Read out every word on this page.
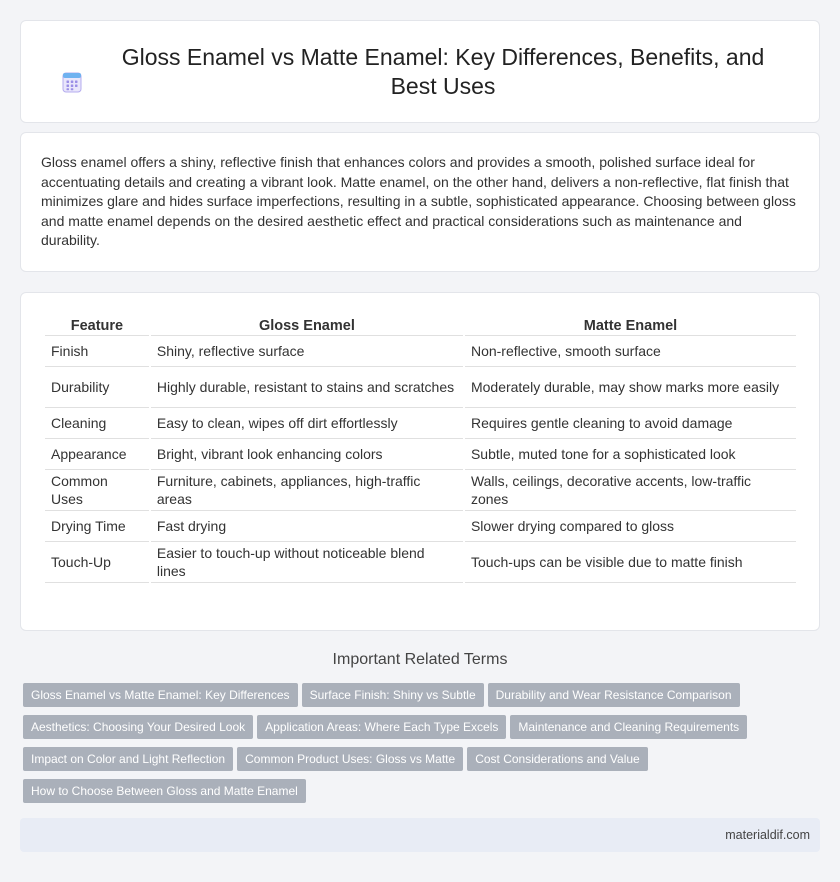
Gloss Enamel vs Matte Enamel: Key Differences, Benefits, and Best Uses

Gloss enamel offers a shiny, reflective finish that enhances colors and provides a smooth, polished surface ideal for accentuating details and creating a vibrant look. Matte enamel, on the other hand, delivers a non-reflective, flat finish that minimizes glare and hides surface imperfections, resulting in a subtle, sophisticated appearance. Choosing between gloss and matte enamel depends on the desired aesthetic effect and practical considerations such as maintenance and durability.

Feature	Gloss Enamel	Matte Enamel
Finish	Shiny, reflective surface	Non-reflective, smooth surface
Durability	Highly durable, resistant to stains and scratches	Moderately durable, may show marks more easily
Cleaning	Easy to clean, wipes off dirt effortlessly	Requires gentle cleaning to avoid damage
Appearance	Bright, vibrant look enhancing colors	Subtle, muted tone for a sophisticated look
Common Uses	Furniture, cabinets, appliances, high-traffic areas	Walls, ceilings, decorative accents, low-traffic zones
Drying Time	Fast drying	Slower drying compared to gloss
Touch-Up	Easier to touch-up without noticeable blend lines	Touch-ups can be visible due to matte finish
Important Related Terms
Gloss Enamel vs Matte Enamel: Key Differences Surface Finish: Shiny vs Subtle Durability and Wear Resistance Comparison
Aesthetics: Choosing Your Desired Look Application Areas: Where Each Type Excels Maintenance and Cleaning Requirements
Impact on Color and Light Reflection Common Product Uses: Gloss vs Matte Cost Considerations and Value
How to Choose Between Gloss and Matte Enamel
materialdif.com
